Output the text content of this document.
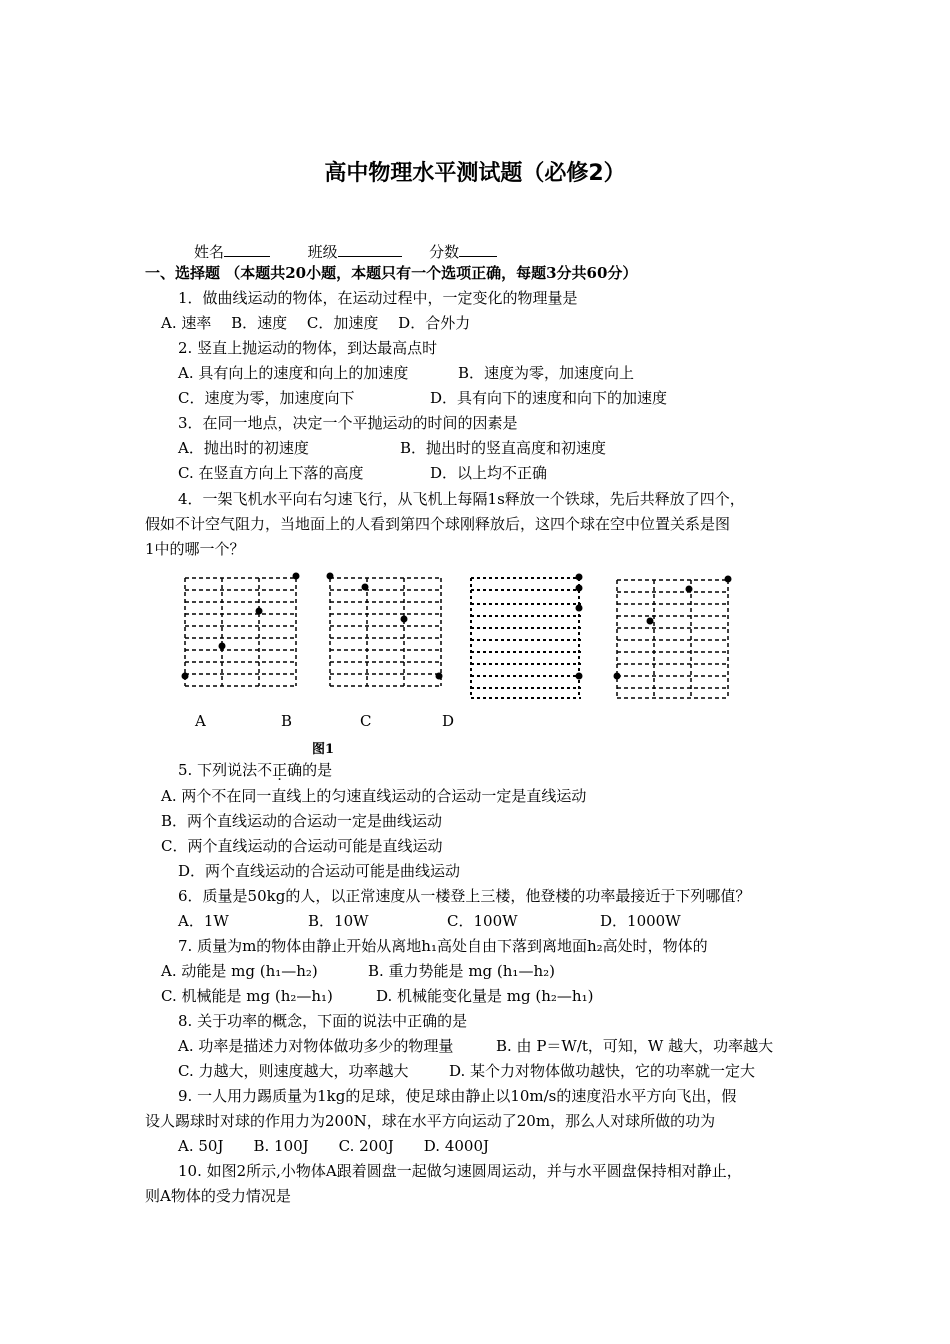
高中物理水平测试题（必修2）
姓名	班级	分数
一、选择题 （本题共20小题，本题只有一个选项正确，每题3分共60分）
1．做曲线运动的物体，在运动过程中，一定变化的物理量是
A. 速率　 B．速度　 C．加速度　 D．合外力
2. 竖直上抛运动的物体，到达最高点时
A. 具有向上的速度和向上的加速度	B．速度为零，加速度向上
C．速度为零，加速度向下	D．具有向下的速度和向下的加速度
3．在同一地点，决定一个平抛运动的时间的因素是
A．抛出时的初速度	B．抛出时的竖直高度和初速度
C. 在竖直方向上下落的高度	D．以上均不正确
4．一架飞机水平向右匀速飞行，从飞机上每隔1s释放一个铁球，先后共释放了四个，
假如不计空气阻力，当地面上的人看到第四个球刚释放后，这四个球在空中位置关系是图
1中的哪一个？
A	B	C	D
图1
5. 下列说法不正确的是
A. 两个不在同一直线上的匀速直线运动的合运动一定是直线运动
B．两个直线运动的合运动一定是曲线运动
C．两个直线运动的合运动可能是直线运动
D．两个直线运动的合运动可能是曲线运动
6．质量是50kg的人，以正常速度从一楼登上三楼，他登楼的功率最接近于下列哪值？
A．1W	B．10W	C．100W	D．1000W
7. 质量为m的物体由静止开始从离地h₁高处自由下落到离地面h₂高处时，物体的
A. 动能是 mg (h₁—h₂)	B. 重力势能是 mg (h₁—h₂)
C. 机械能是 mg (h₂—h₁)	D. 机械能变化量是 mg (h₂—h₁)
8. 关于功率的概念，下面的说法中正确的是
A. 功率是描述力对物体做功多少的物理量	B. 由 P＝W/t，可知，W 越大，功率越大
C. 力越大，则速度越大，功率越大	D. 某个力对物体做功越快，它的功率就一定大
9. 一人用力踢质量为1kg的足球，使足球由静止以10m/s的速度沿水平方向飞出，假
设人踢球时对球的作用力为200N，球在水平方向运动了20m，那么人对球所做的功为
A. 50J　　B. 100J　　C. 200J　　D. 4000J
10. 如图2所示,小物体A跟着圆盘一起做匀速圆周运动，并与水平圆盘保持相对静止，
则A物体的受力情况是
